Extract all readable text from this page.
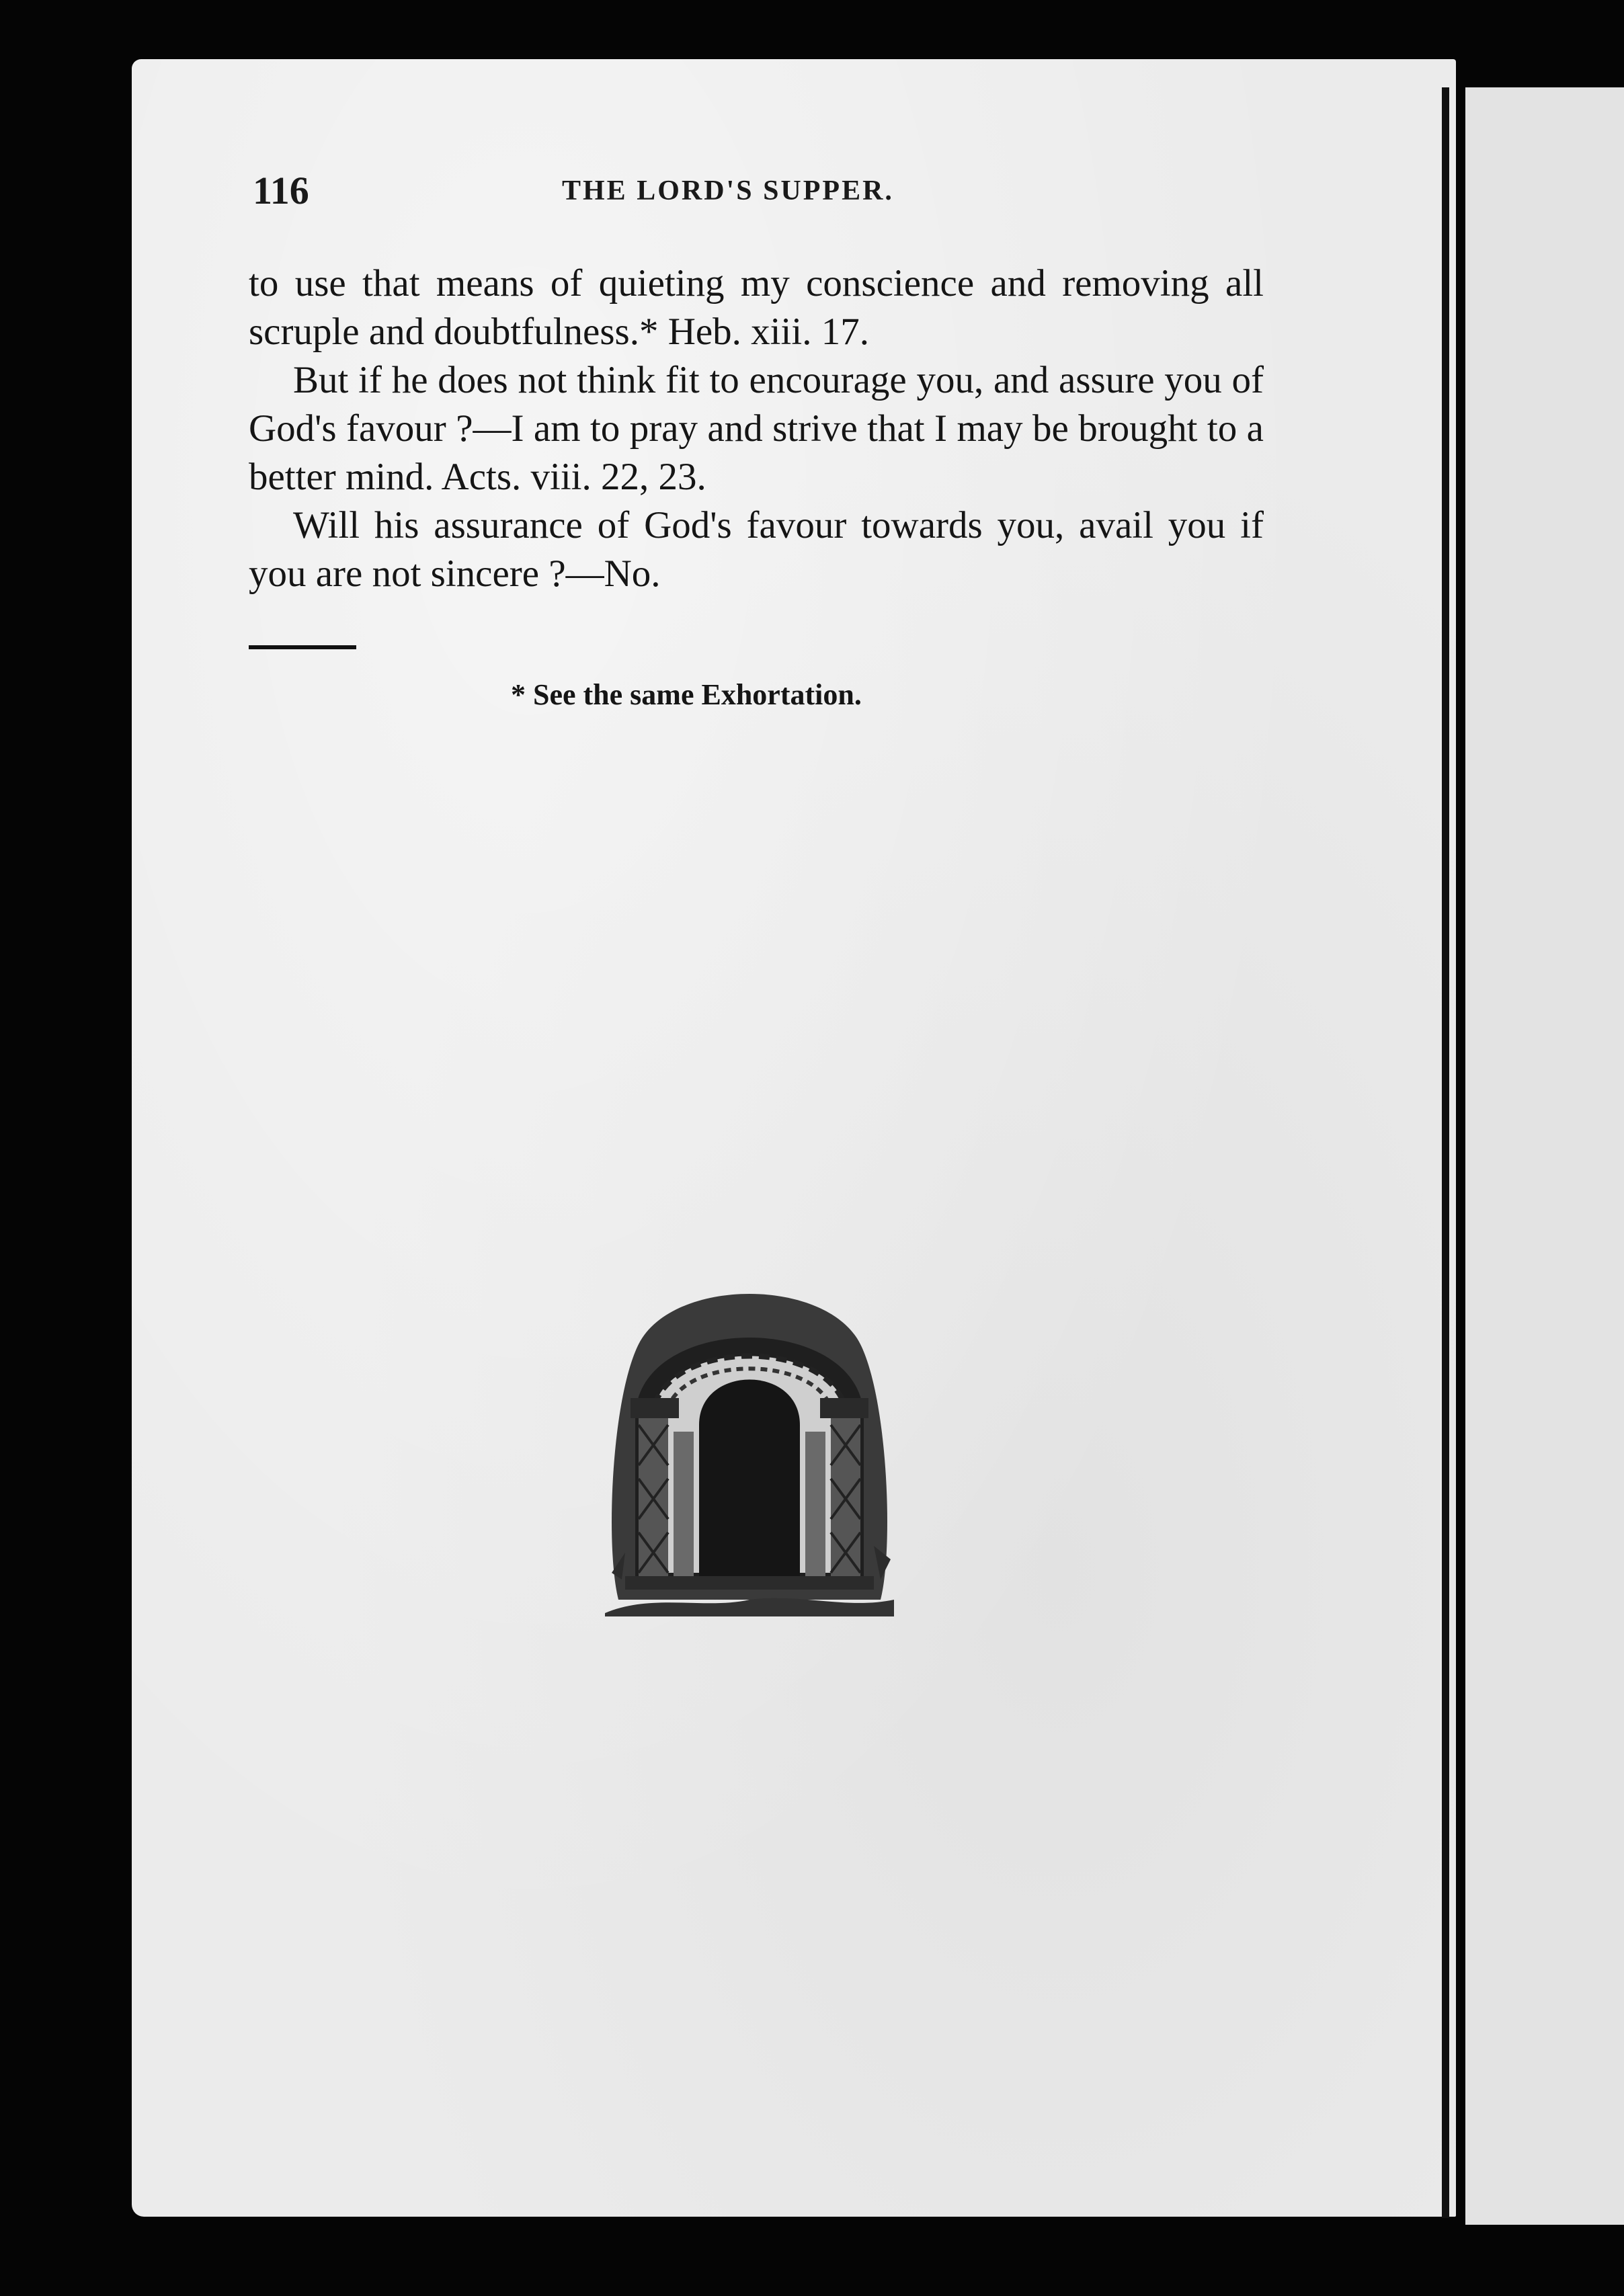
116	THE LORD'S SUPPER.

to use that means of quieting my conscience and removing all scruple and doubtfulness.* Heb. xiii. 17.

But if he does not think fit to encourage you, and assure you of God's favour ?—I am to pray and strive that I may be brought to a better mind. Acts. viii. 22, 23.

Will his assurance of God's favour towards you, avail you if you are not sincere ?—No.

* See the same Exhortation.
